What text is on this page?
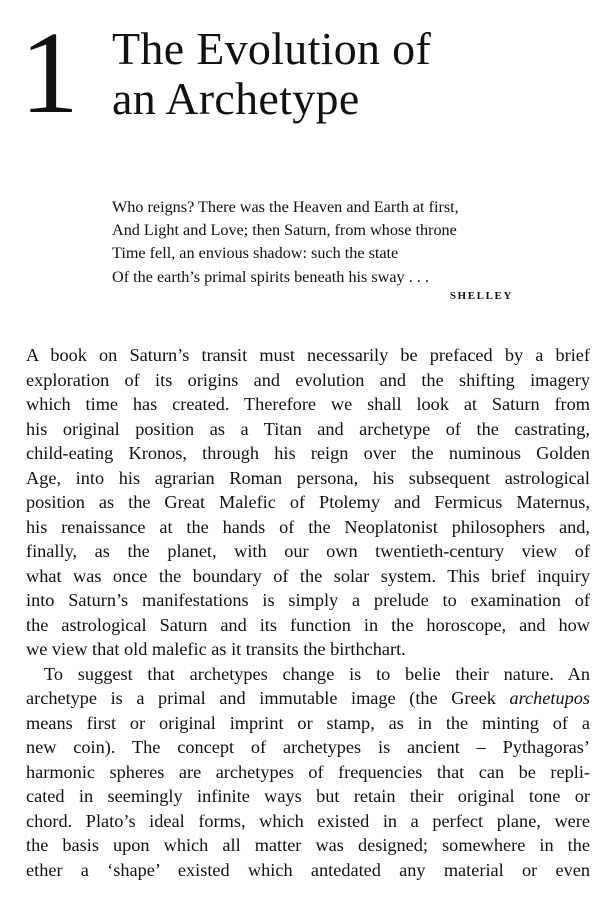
1 The Evolution of
an Archetype
Who reigns? There was the Heaven and Earth at first,
And Light and Love; then Saturn, from whose throne
Time fell, an envious shadow: such the state
Of the earth’s primal spirits beneath his sway . . .
SHELLEY
A book on Saturn’s transit must necessarily be prefaced by a brief
exploration of its origins and evolution and the shifting imagery
which time has created. Therefore we shall look at Saturn from
his original position as a Titan and archetype of the castrating,
child-eating Kronos, through his reign over the numinous Golden
Age, into his agrarian Roman persona, his subsequent astrological
position as the Great Malefic of Ptolemy and Fermicus Maternus,
his renaissance at the hands of the Neoplatonist philosophers and,
finally, as the planet, with our own twentieth-century view of
what was once the boundary of the solar system. This brief inquiry
into Saturn’s manifestations is simply a prelude to examination of
the astrological Saturn and its function in the horoscope, and how
we view that old malefic as it transits the birthchart.
To suggest that archetypes change is to belie their nature. An
archetype is a primal and immutable image (the Greek archetupos
means first or original imprint or stamp, as in the minting of a
new coin). The concept of archetypes is ancient – Pythagoras’
harmonic spheres are archetypes of frequencies that can be repli-
cated in seemingly infinite ways but retain their original tone or
chord. Plato’s ideal forms, which existed in a perfect plane, were
the basis upon which all matter was designed; somewhere in the
ether a ‘shape’ existed which antedated any material or even
